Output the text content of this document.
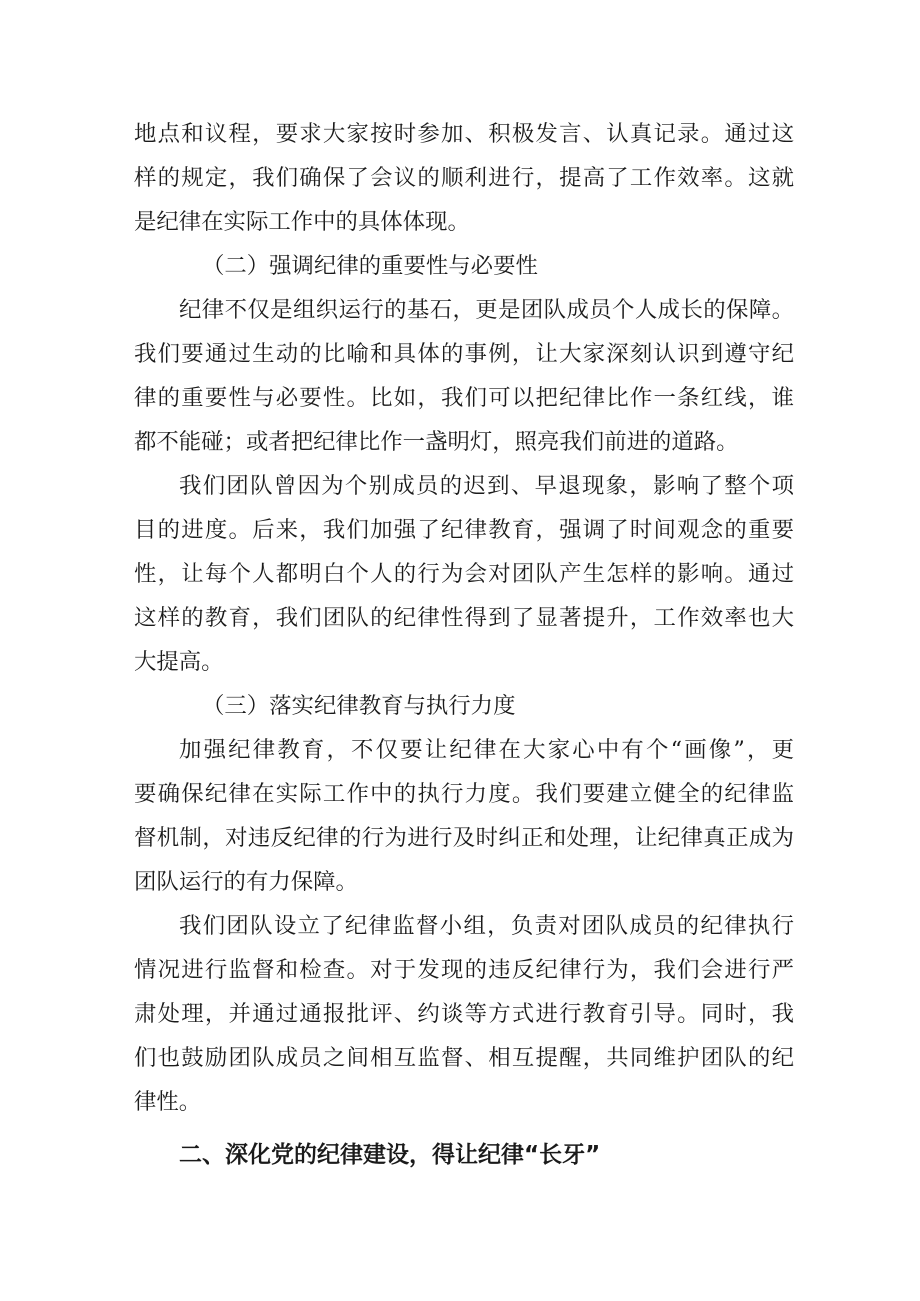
地点和议程，要求大家按时参加、积极发言、认真记录。通过这
样的规定，我们确保了会议的顺利进行，提高了工作效率。这就
是纪律在实际工作中的具体体现。
（二）强调纪律的重要性与必要性
纪律不仅是组织运行的基石，更是团队成员个人成长的保障。
我们要通过生动的比喻和具体的事例，让大家深刻认识到遵守纪
律的重要性与必要性。比如，我们可以把纪律比作一条红线，谁
都不能碰；或者把纪律比作一盏明灯，照亮我们前进的道路。
我们团队曾因为个别成员的迟到、早退现象，影响了整个项
目的进度。后来，我们加强了纪律教育，强调了时间观念的重要
性，让每个人都明白个人的行为会对团队产生怎样的影响。通过
这样的教育，我们团队的纪律性得到了显著提升，工作效率也大
大提高。
（三）落实纪律教育与执行力度
加强纪律教育，不仅要让纪律在大家心中有个“画像”，更
要确保纪律在实际工作中的执行力度。我们要建立健全的纪律监
督机制，对违反纪律的行为进行及时纠正和处理，让纪律真正成为
团队运行的有力保障。
我们团队设立了纪律监督小组，负责对团队成员的纪律执行
情况进行监督和检查。对于发现的违反纪律行为，我们会进行严
肃处理，并通过通报批评、约谈等方式进行教育引导。同时，我
们也鼓励团队成员之间相互监督、相互提醒，共同维护团队的纪
律性。
二、深化党的纪律建设，得让纪律“长牙”
